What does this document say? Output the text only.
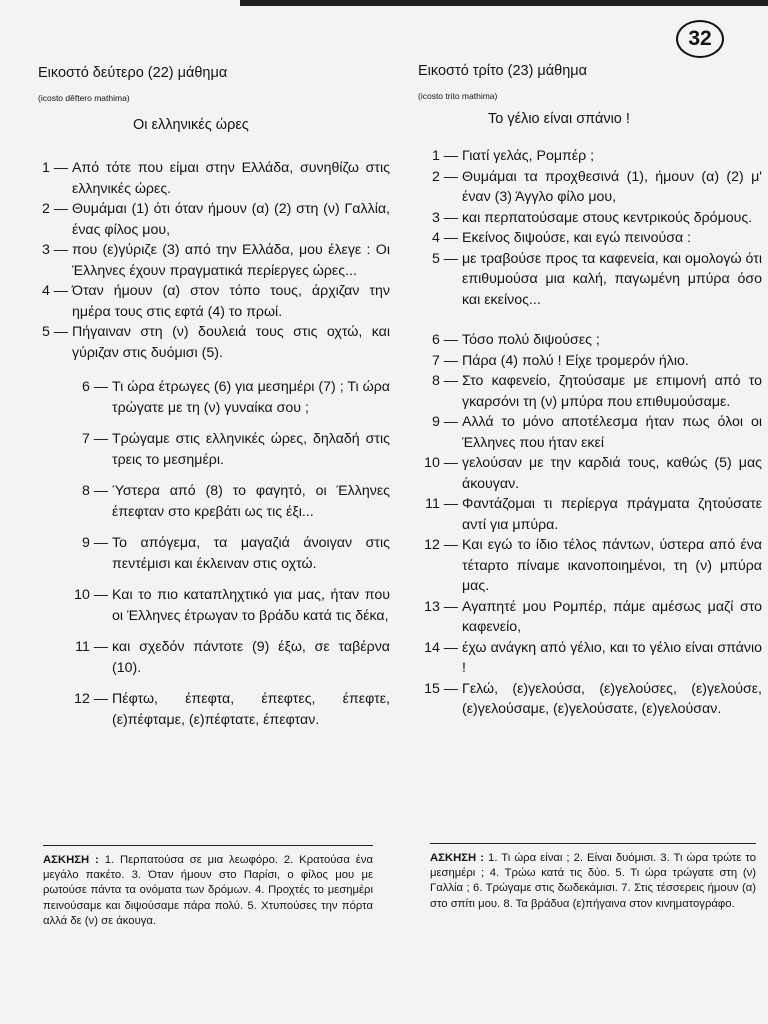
32
Εικοστό δεύτερο (22) μάθημα
(icosto dêftero mathima)
Οι ελληνικές ώρες
1 — Από τότε που είμαι στην Ελλάδα, συνηθίζω στις ελληνικές ώρες.
2 — Θυμάμαι (1) ότι όταν ήμουν (α) (2) στη (ν) Γαλλία, ένας φίλος μου,
3 — που (ε)γύριζε (3) από την Ελλάδα, μου έλεγε : Οι Έλληνες έχουν πραγματικά περίεργες ώρες...
4 — Όταν ήμουν (α) στον τόπο τους, άρχιζαν την ημέρα τους στις εφτά (4) το πρωί.
5 — Πήγαιναν στη (ν) δουλειά τους στις οχτώ, και γύριζαν στις δυόμισι (5).
6 — Τι ώρα έτρωγες (6) για μεσημέρι (7) ; Τι ώρα τρώγατε με τη (ν) γυναίκα σου ;
7 — Τρώγαμε στις ελληνικές ώρες, δηλαδή στις τρεις το μεσημέρι.
8 — Ύστερα από (8) το φαγητό, οι Έλληνες έπεφταν στο κρεβάτι ως τις έξι...
9 — Το απόγεμα, τα μαγαζιά άνοιγαν στις πεντέμισι και έκλειναν στις οχτώ.
10 — Και το πιο καταπληχτικό για μας, ήταν που οι Έλληνες έτρωγαν το βράδυ κατά τις δέκα,
11 — και σχεδόν πάντοτε (9) έξω, σε ταβέρνα (10).
12 — Πέφτω, έπεφτα, έπεφτες, έπεφτε, (ε)πέφταμε, (ε)πέφτατε, έπεφταν.
Εικοστό τρίτο (23) μάθημα
(icosto trito mathima)
Το γέλιο είναι σπάνιο !
1 — Γιατί γελάς, Ρομπέρ ;
2 — Θυμάμαι τα προχθεσινά (1), ήμουν (α) (2) μ' έναν (3) Άγγλο φίλο μου,
3 — και περπατούσαμε στους κεντρικούς δρόμους.
4 — Εκείνος διψούσε, και εγώ πεινούσα :
5 — με τραβούσε προς τα καφενεία, και ομολογώ ότι επιθυμούσα μια καλή, παγωμένη μπύρα όσο και εκείνος...
6 — Τόσο πολύ διψούσες ;
7 — Πάρα (4) πολύ ! Είχε τρομερόν ήλιο.
8 — Στο καφενείο, ζητούσαμε με επιμονή από το γκαρσόνι τη (ν) μπύρα που επιθυμούσαμε.
9 — Αλλά το μόνο αποτέλεσμα ήταν πως όλοι οι Έλληνες που ήταν εκεί
10 — γελούσαν με την καρδιά τους, καθώς (5) μας άκουγαν.
11 — Φαντάζομαι τι περίεργα πράγματα ζητούσατε αντί για μπύρα.
12 — Και εγώ το ίδιο τέλος πάντων, ύστερα από ένα τέταρτο πίναμε ικανοποιημένοι, τη (ν) μπύρα μας.
13 — Αγαπητέ μου Ρομπέρ, πάμε αμέσως μαζί στο καφενείο,
14 — έχω ανάγκη από γέλιο, και το γέλιο είναι σπάνιο !
15 — Γελώ, (ε)γελούσα, (ε)γελούσες, (ε)γελούσε, (ε)γελούσαμε, (ε)γελούσατε, (ε)γελούσαν.
ΑΣΚΗΣΗ : 1. Περπατούσα σε μια λεωφόρο. 2. Κρατούσα ένα μεγάλο πακέτο. 3. Όταν ήμουν στο Παρίσι, ο φίλος μου με ρωτούσε πάντα τα ονόματα των δρόμων. 4. Προχτές το μεσημέρι πεινούσαμε και διψούσαμε πάρα πολύ. 5. Χτυπούσες την πόρτα αλλά δε (ν) σε άκουγα.
ΑΣΚΗΣΗ : 1. Τι ώρα είναι ; 2. Είναι δυόμισι. 3. Τι ώρα τρώτε το μεσημέρι ; 4. Τρώω κατά τις δύο. 5. Τι ώρα τρώγατε στη (ν) Γαλλία ; 6. Τρώγαμε στις δωδεκάμισι. 7. Στις τέσσερεις ήμουν (α) στο σπίτι μου. 8. Τα βράδυα (ε)πήγαινα στον κινηματογράφο.
